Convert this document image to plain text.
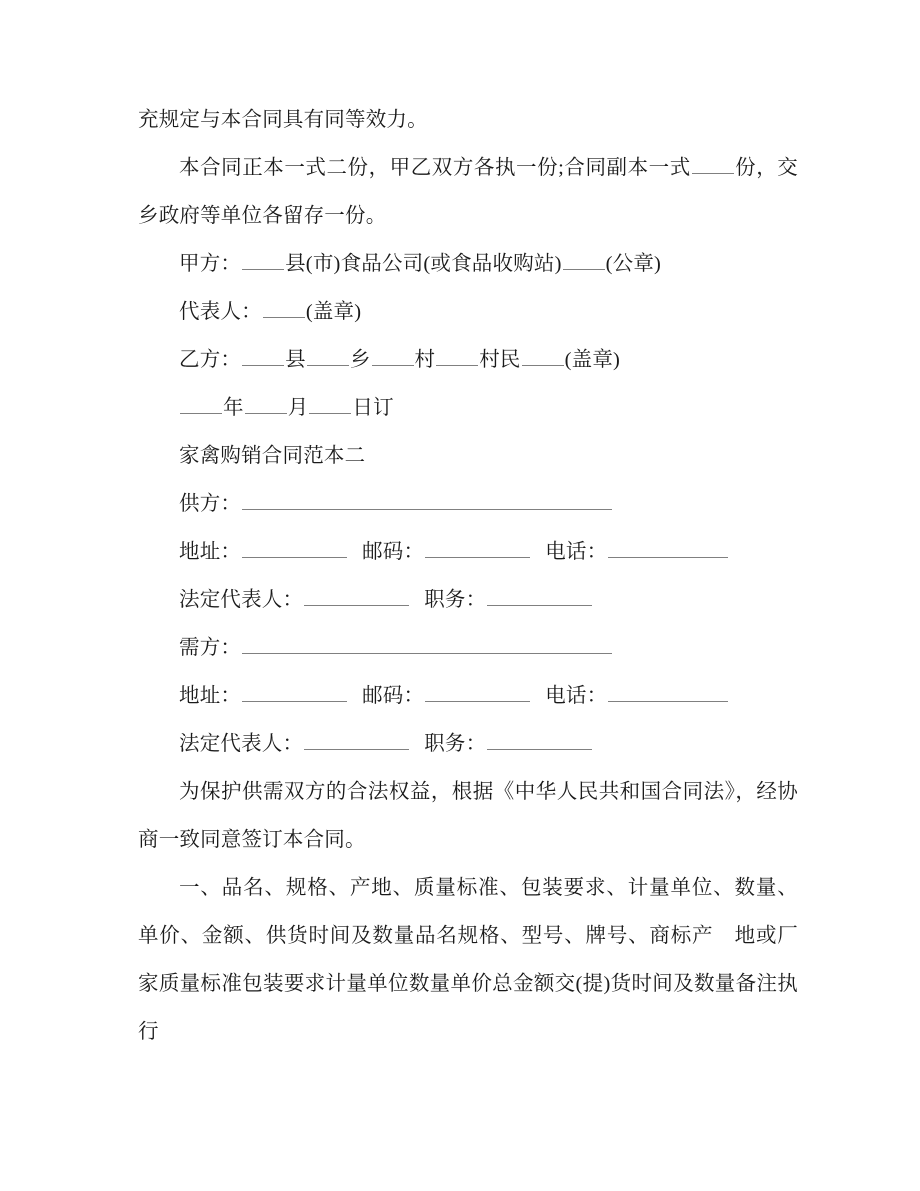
充规定与本合同具有同等效力。
本合同正本一式二份，甲乙双方各执一份;合同副本一式 份，交乡政府等单位各留存一份。
甲方： 县(市)食品公司(或食品收购站) (公章)
代表人： (盖章)
乙方： 县 乡 村 村民 (盖章)
年 月 日订
家禽购销合同范本二
供方：
地址：	邮码：	电话：
法定代表人：	职务：
需方：
地址：	邮码：	电话：
法定代表人：	职务：
为保护供需双方的合法权益，根据《中华人民共和国合同法》，经协商一致同意签订本合同。
一、品名、规格、产地、质量标准、包装要求、计量单位、数量、单价、金额、供货时间及数量品名规格、型号、牌号、商标产　地或厂家质量标准包装要求计量单位数量单价总金额交(提)货时间及数量备注执行
